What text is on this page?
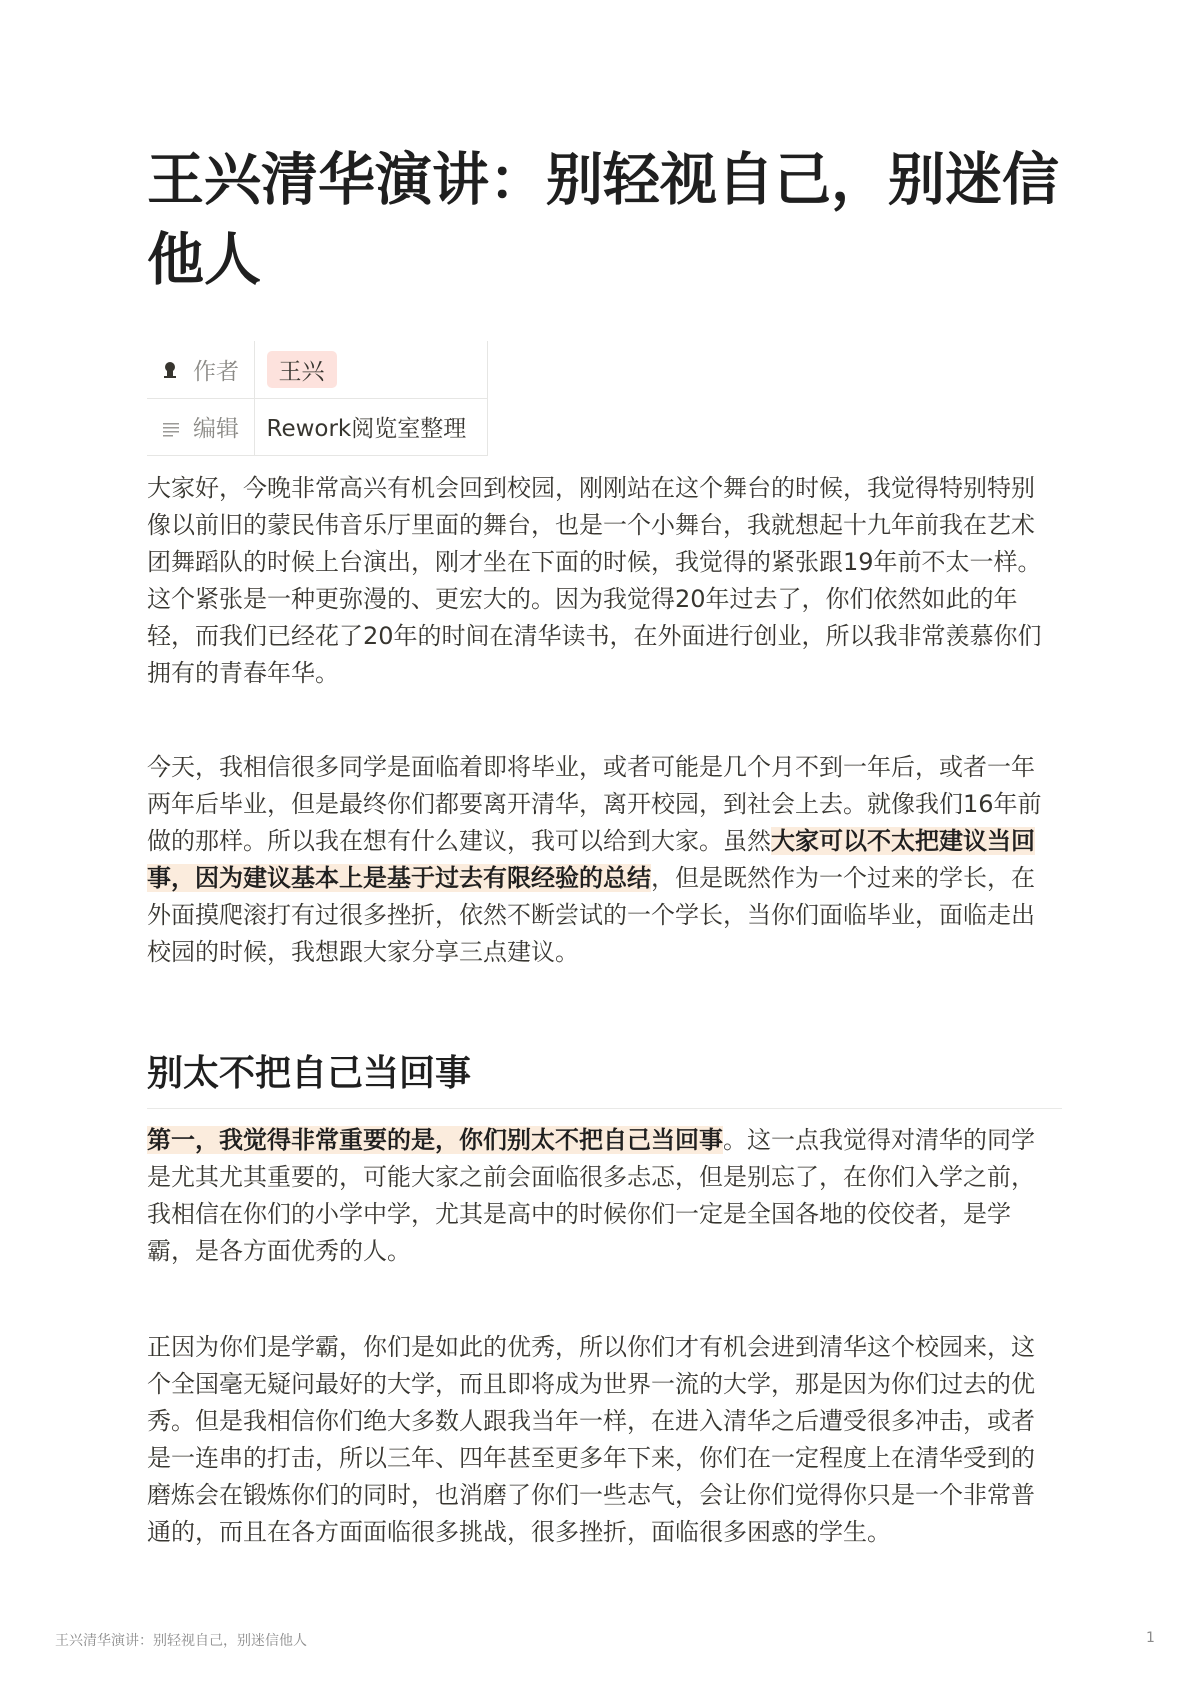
王兴清华演讲：别轻视自己，别迷信他人
作者	王兴
编辑	Rework阅览室整理
大家好，今晚非常高兴有机会回到校园，刚刚站在这个舞台的时候，我觉得特别特别
像以前旧的蒙民伟音乐厅里面的舞台，也是一个小舞台，我就想起十九年前我在艺术
团舞蹈队的时候上台演出，刚才坐在下面的时候，我觉得的紧张跟19年前不太一样。
这个紧张是一种更弥漫的、更宏大的。因为我觉得20年过去了，你们依然如此的年
轻，而我们已经花了20年的时间在清华读书，在外面进行创业，所以我非常羡慕你们
拥有的青春年华。
今天，我相信很多同学是面临着即将毕业，或者可能是几个月不到一年后，或者一年
两年后毕业，但是最终你们都要离开清华，离开校园，到社会上去。就像我们16年前
做的那样。所以我在想有什么建议，我可以给到大家。虽然大家可以不太把建议当回
事，因为建议基本上是基于过去有限经验的总结，但是既然作为一个过来的学长，在
外面摸爬滚打有过很多挫折，依然不断尝试的一个学长，当你们面临毕业，面临走出
校园的时候，我想跟大家分享三点建议。
别太不把自己当回事
第一，我觉得非常重要的是，你们别太不把自己当回事。这一点我觉得对清华的同学
是尤其尤其重要的，可能大家之前会面临很多忐忑，但是别忘了，在你们入学之前，
我相信在你们的小学中学，尤其是高中的时候你们一定是全国各地的佼佼者，是学
霸，是各方面优秀的人。
正因为你们是学霸，你们是如此的优秀，所以你们才有机会进到清华这个校园来，这
个全国毫无疑问最好的大学，而且即将成为世界一流的大学，那是因为你们过去的优
秀。但是我相信你们绝大多数人跟我当年一样，在进入清华之后遭受很多冲击，或者
是一连串的打击，所以三年、四年甚至更多年下来，你们在一定程度上在清华受到的
磨炼会在锻炼你们的同时，也消磨了你们一些志气，会让你们觉得你只是一个非常普
通的，而且在各方面面临很多挑战，很多挫折，面临很多困惑的学生。
王兴清华演讲：别轻视自己，别迷信他人	1
